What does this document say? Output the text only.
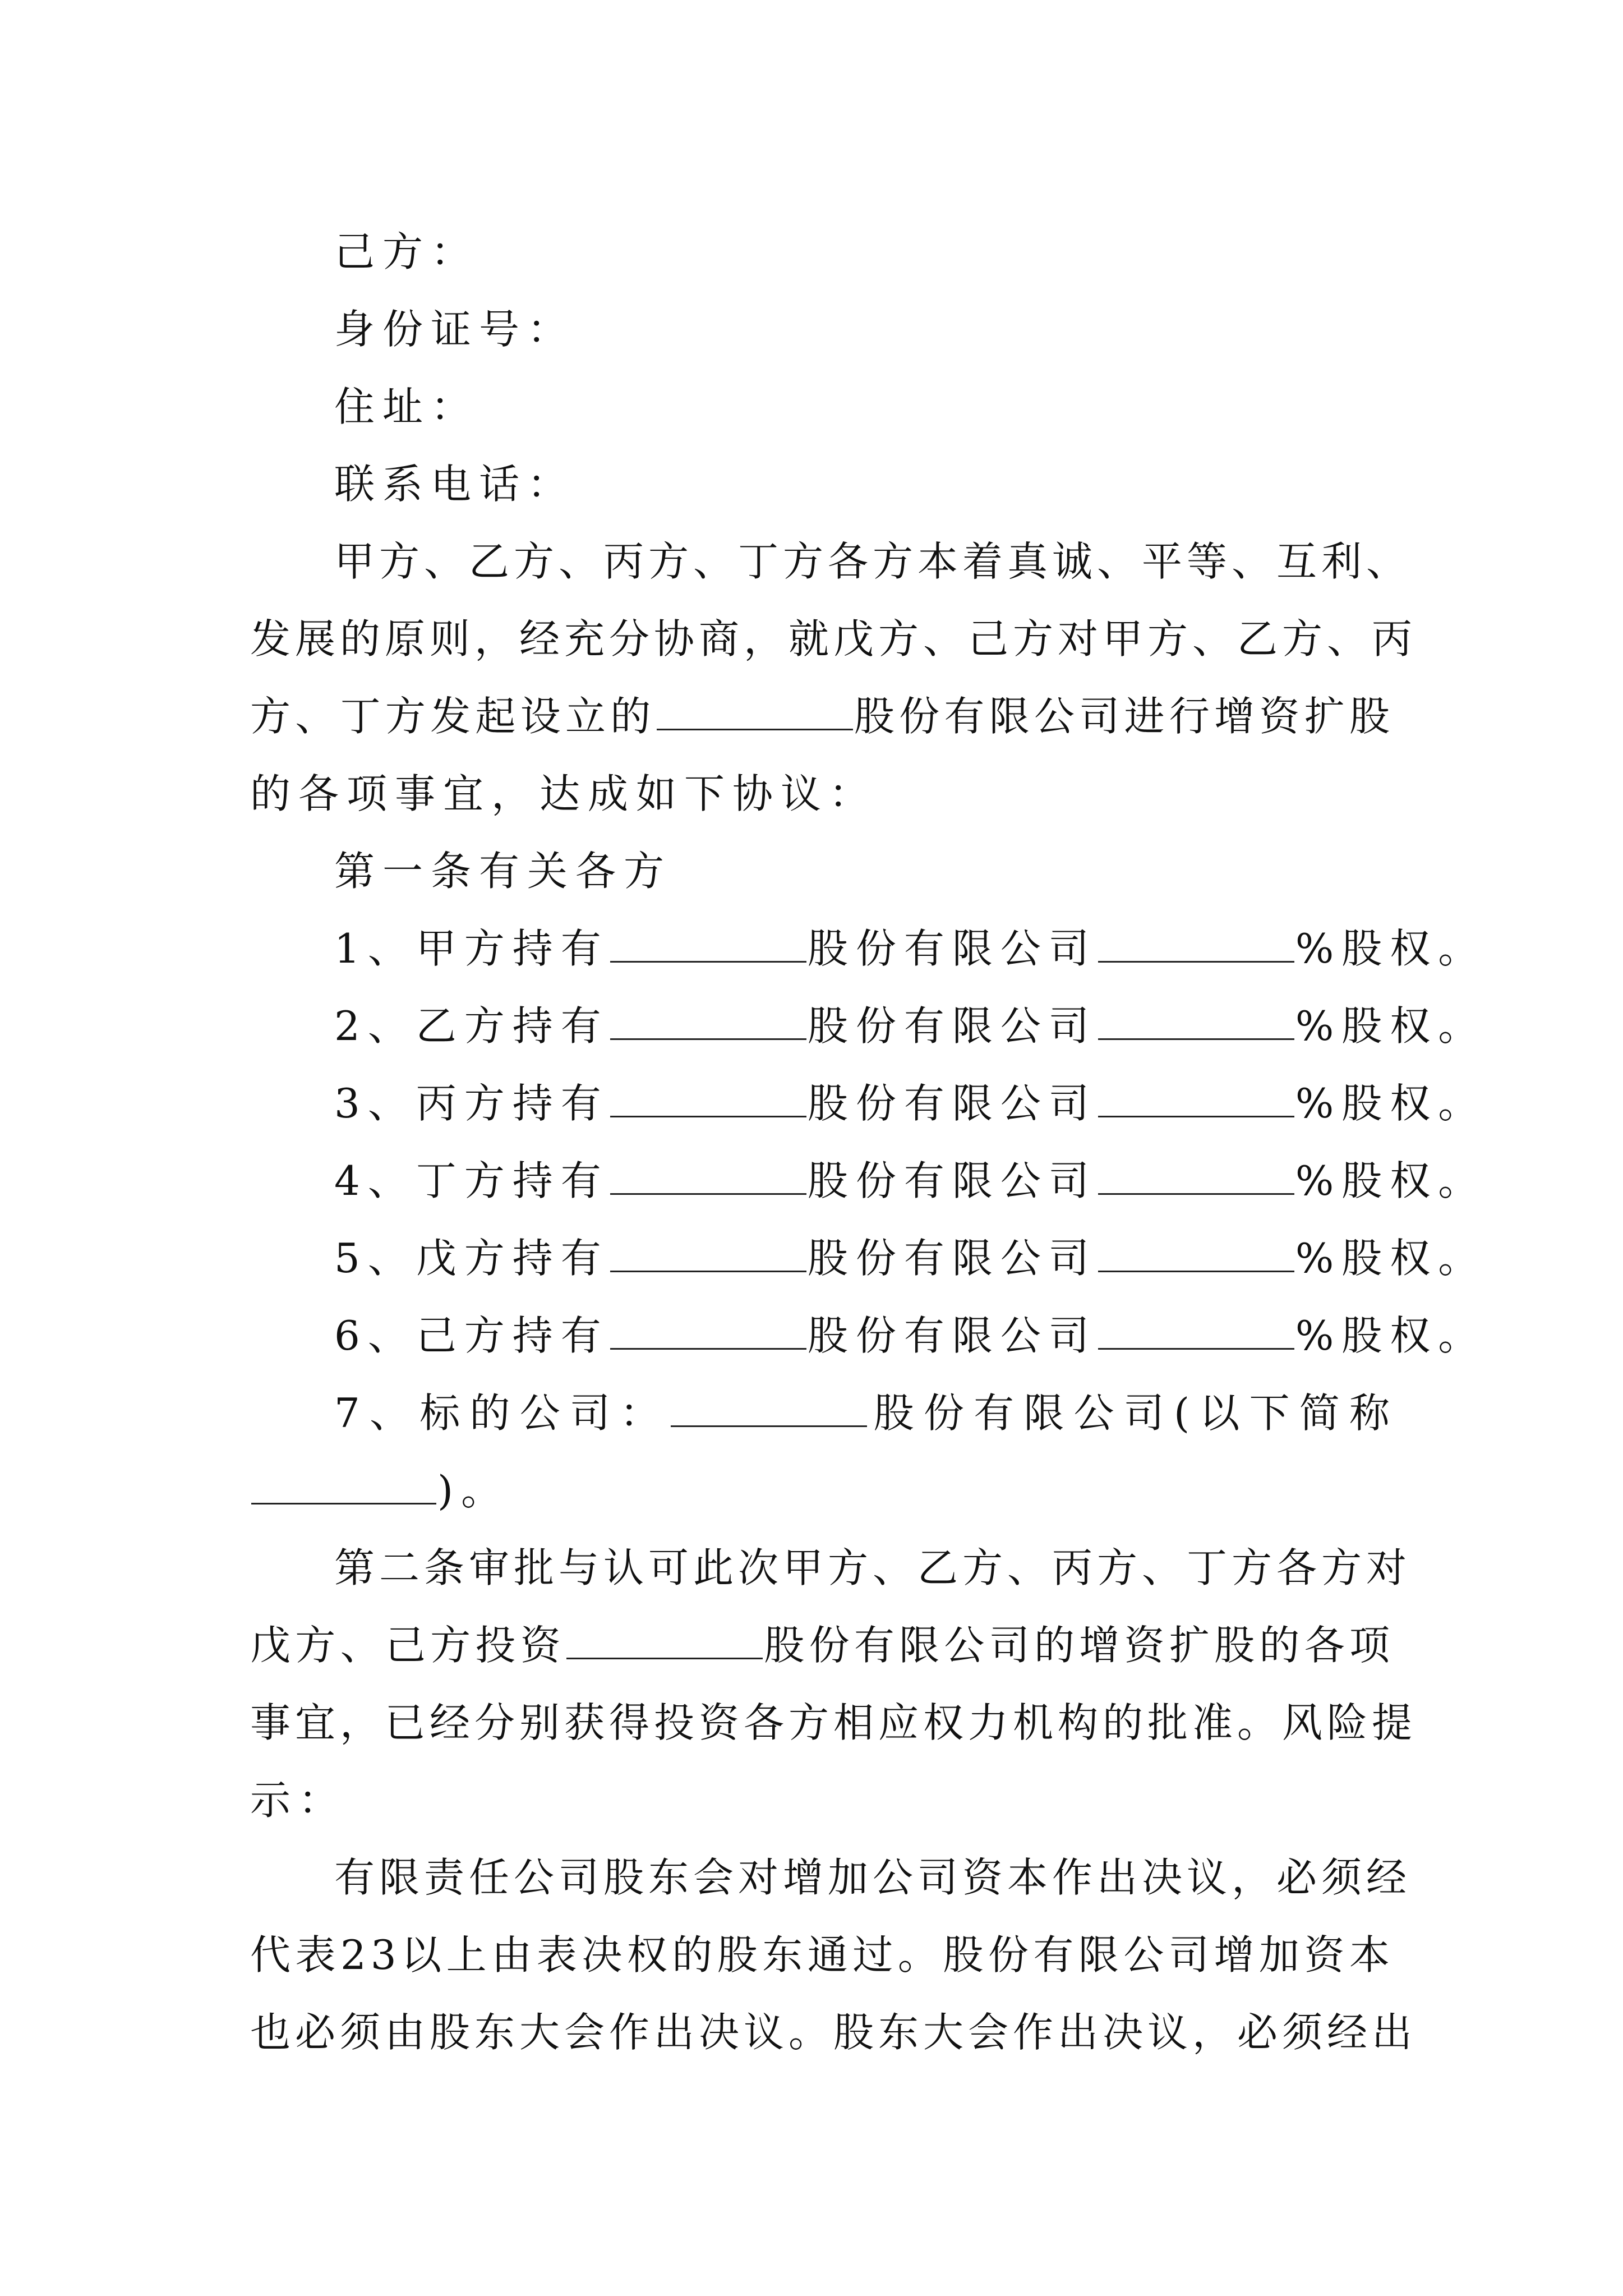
己方：
身份证号：
住址：
联系电话：
甲方、乙方、丙方、丁方各方本着真诚、平等、互利、
发展的原则，经充分协商，就戊方、己方对甲方、乙方、丙
方、丁方发起设立的	股份有限公司进行增资扩股
的各项事宜，达成如下协议：
第一条有关各方
1、甲方持有	股份有限公司	%股权。
2、乙方持有	股份有限公司	%股权。
3、丙方持有	股份有限公司	%股权。
4、丁方持有	股份有限公司	%股权。
5、戊方持有	股份有限公司	%股权。
6、己方持有	股份有限公司	%股权。
7、标的公司：	股份有限公司(以下简称
)。
第二条审批与认可此次甲方、乙方、丙方、丁方各方对
戊方、己方投资	股份有限公司的增资扩股的各项
事宜，已经分别获得投资各方相应权力机构的批准。风险提
示：
有限责任公司股东会对增加公司资本作出决议，必须经
代表23以上由表决权的股东通过。股份有限公司增加资本
也必须由股东大会作出决议。股东大会作出决议，必须经出
